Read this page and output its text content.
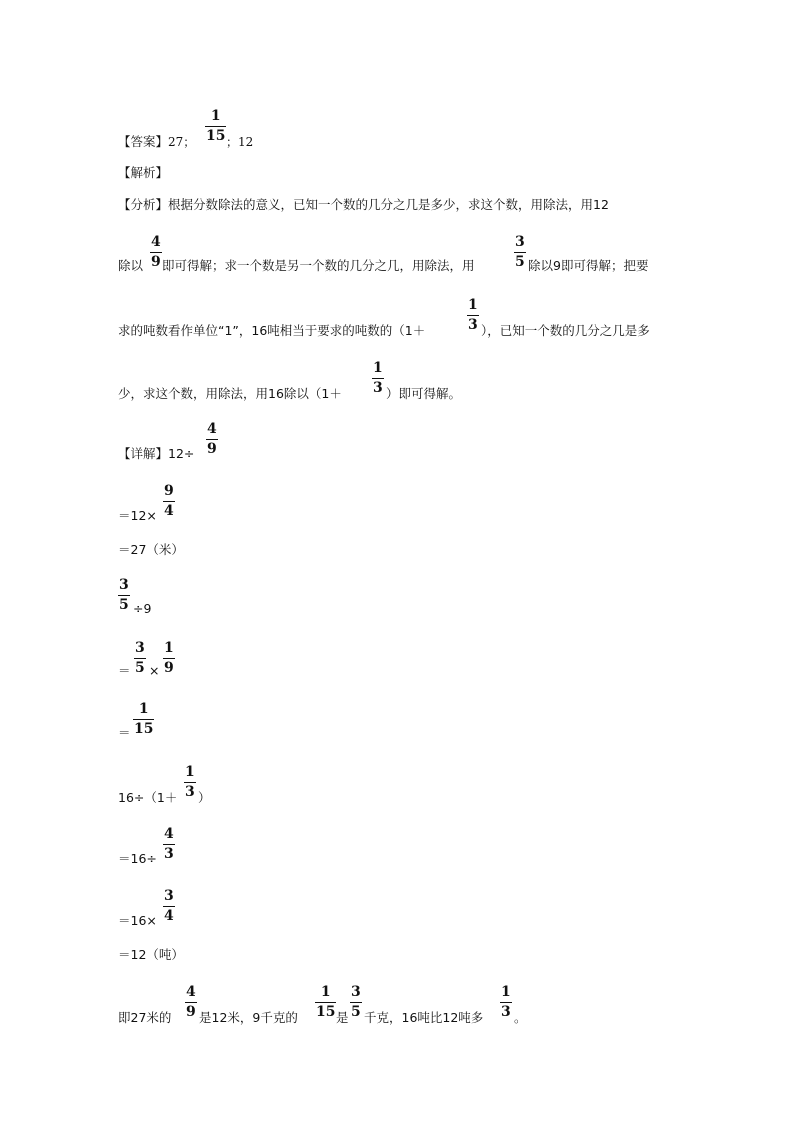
【答案】27；
1
15 ；12
【解析】
【分析】根据分数除法的意义，已知一个数的几分之几是多少，求这个数，用除法，用12
除以
4
9 即可得解；求一个数是另一个数的几分之几，用除法，用
3
5 除以9即可得解；把要
求的吨数看作单位“1”，16吨相当于要求的吨数的（1＋
1
3 ），已知一个数的几分之几是多
少，求这个数，用除法，用16除以（1＋
1
3 ）即可得解。
【详解】12÷
4
9
＝12×
9
4
＝27（米）
3
5 ÷9
＝
3
5 ×
1
9
＝
1
15
16÷（1＋
1
3 ）
＝16÷
4
3
＝16×
3
4
＝12（吨）
即27米的
4
9 是12米，9千克的
1
15 是
3
5 千克，16吨比12吨多
1
3 。
